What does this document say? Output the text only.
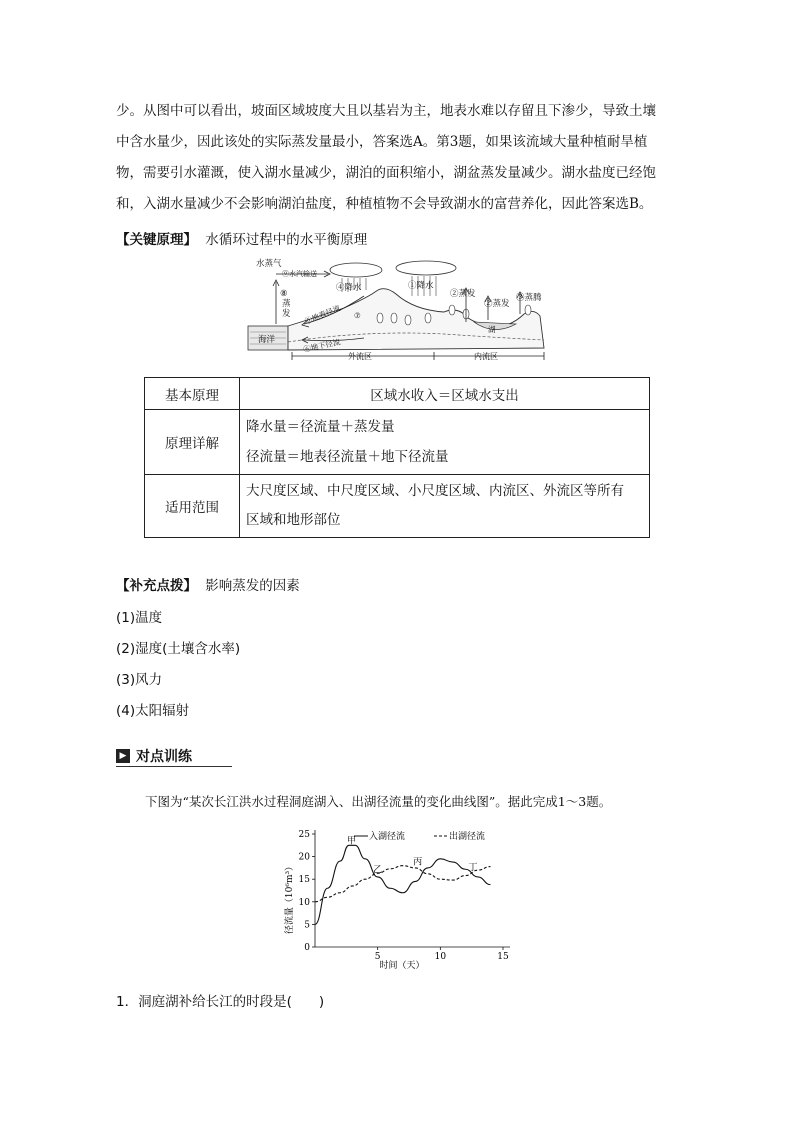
少。从图中可以看出，坡面区域坡度大且以基岩为主，地表水难以存留且下渗少，导致土壤
中含水量少，因此该处的实际蒸发量最小，答案选A。第3题，如果该流域大量种植耐旱植
物，需要引水灌溉，使入湖水量减少，湖泊的面积缩小，湖盆蒸发量减少。湖水盐度已经饱
和，入湖水量减少不会影响湖泊盐度，种植植物不会导致湖水的富营养化，因此答案选B。
【关键原理】 水循环过程中的水平衡原理
水蒸气
⑨水汽输送
⑧
蒸
发
④降水	①降水
⑤地表径流
⑥地下径流
②蒸发
②蒸发
③蒸腾
⑦
海洋
湖
外流区	内流区
基本原理	区域水收入＝区域水支出
原理详解	降水量＝径流量＋蒸发量
径流量＝地表径流量＋地下径流量

适用范围	大尺度区域、中尺度区域、小尺度区域、内流区、外流区等所有
区域和地形部位
【补充点拨】 影响蒸发的因素
(1)温度
(2)湿度(土壤含水率)
(3)风力
(4)太阳辐射
▶ 对点训练
下图为“某次长江洪水过程洞庭湖入、出湖径流量的变化曲线图”。据此完成1～3题。
径流量（10⁶m³）
时间（天）
入湖径流	出湖径流
0
5
10
15
20
25
5	10	15
甲
乙
丙
丁
1．洞庭湖补给长江的时段是(　　)
